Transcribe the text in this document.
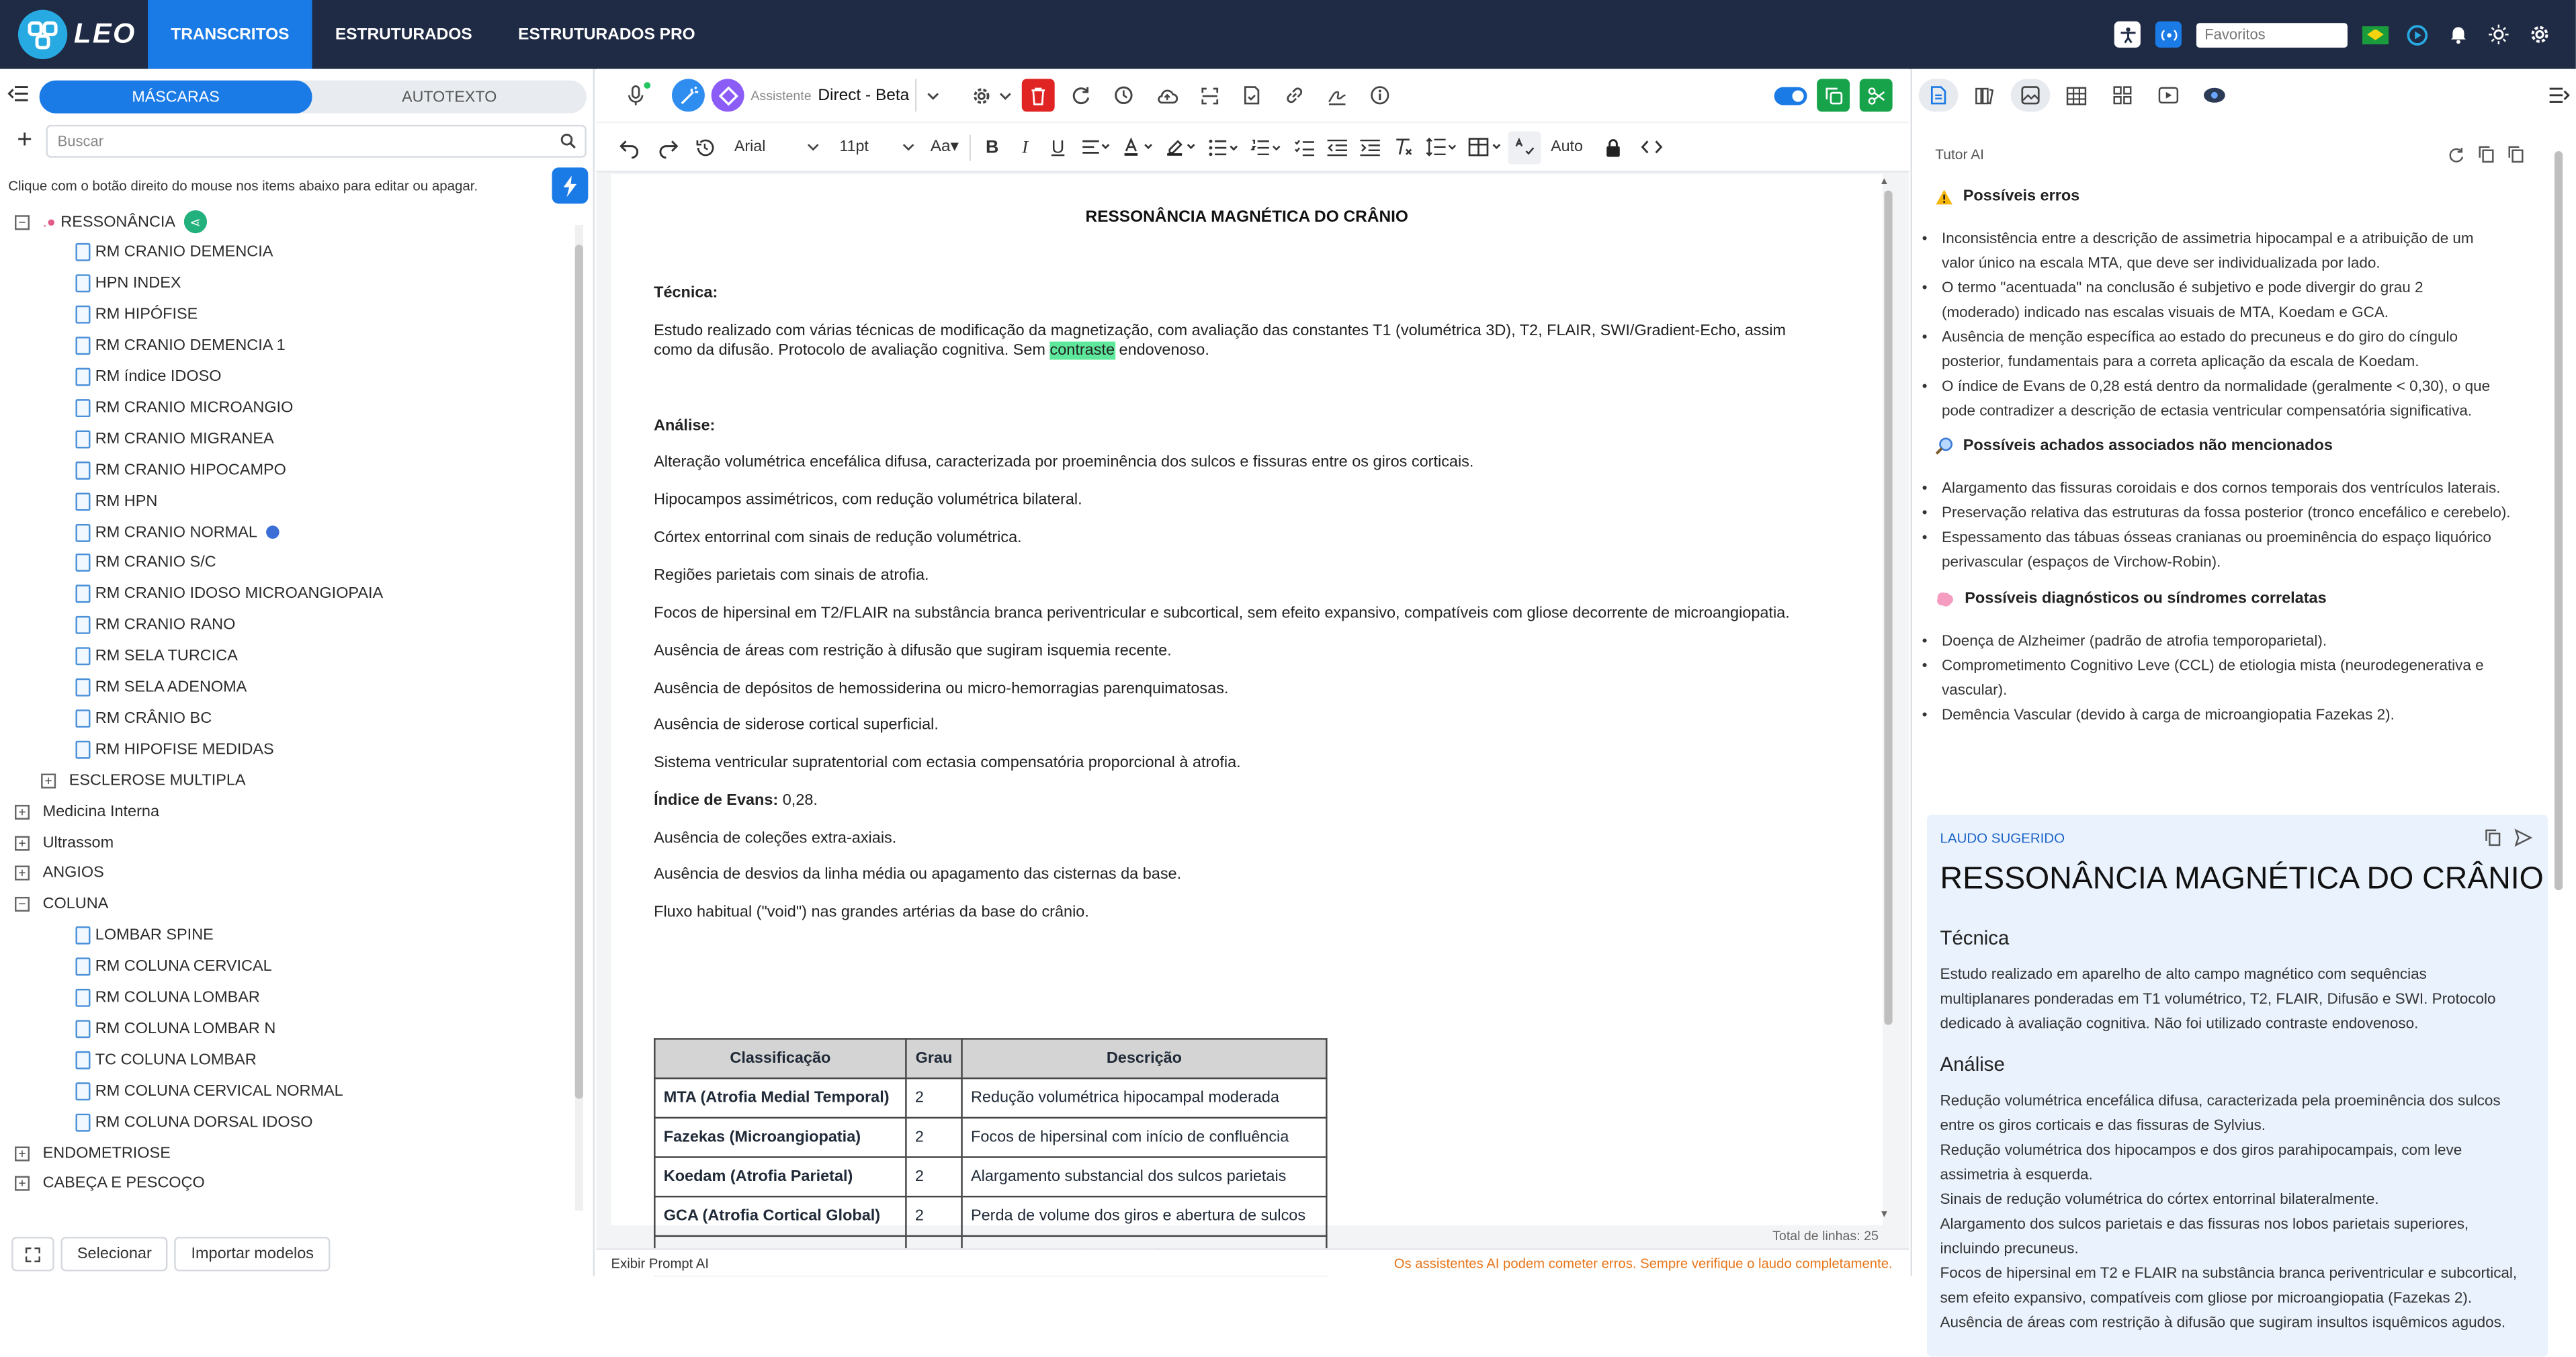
LEO	TRANSCRITOS	ESTRUTURADOS	ESTRUTURADOS PRO
Favoritos
MÁSCARAS	AUTOTEXTO
+	Buscar
Clique com o botão direito do mouse nos items abaixo para editar ou apagar.
−	.● RESSONÂNCIA	⋖
RM CRANIO DEMENCIA
HPN INDEX
RM HIPÓFISE
RM CRANIO DEMENCIA 1
RM índice IDOSO
RM CRANIO MICROANGIO
RM CRANIO MIGRANEA
RM CRANIO HIPOCAMPO
RM HPN
RM CRANIO NORMAL
RM CRANIO S/C
RM CRANIO IDOSO MICROANGIOPAIA
RM CRANIO RANO
RM SELA TURCICA
RM SELA ADENOMA
RM CRÂNIO BC
RM HIPOFISE MEDIDAS
+	ESCLEROSE MULTIPLA
+	Medicina Interna
+	Ultrassom
+	ANGIOS
−	COLUNA
LOMBAR SPINE
RM COLUNA CERVICAL
RM COLUNA LOMBAR
RM COLUNA LOMBAR N
TC COLUNA LOMBAR
RM COLUNA CERVICAL NORMAL
RM COLUNA DORSAL IDOSO
+	ENDOMETRIOSE
+	CABEÇA E PESCOÇO
Selecionar	Importar modelos
Assistente Direct - Beta
Arial	11pt	Aa▾	B	I	U	Auto
RESSONÂNCIA MAGNÉTICA DO CRÂNIO
Técnica:
Estudo realizado com várias técnicas de modificação da magnetização, com avaliação das constantes T1 (volumétrica 3D), T2, FLAIR, SWI/Gradient-Echo, assim
como da difusão. Protocolo de avaliação cognitiva. Sem contraste endovenoso.
Análise:
Alteração volumétrica encefálica difusa, caracterizada por proeminência dos sulcos e fissuras entre os giros corticais.
Hipocampos assimétricos, com redução volumétrica bilateral.
Córtex entorrinal com sinais de redução volumétrica.
Regiões parietais com sinais de atrofia.
Focos de hipersinal em T2/FLAIR na substância branca periventricular e subcortical, sem efeito expansivo, compatíveis com gliose decorrente de microangiopatia.
Ausência de áreas com restrição à difusão que sugiram isquemia recente.
Ausência de depósitos de hemossiderina ou micro-hemorragias parenquimatosas.
Ausência de siderose cortical superficial.
Sistema ventricular supratentorial com ectasia compensatória proporcional à atrofia.
Índice de Evans: 0,28.
Ausência de coleções extra-axiais.
Ausência de desvios da linha média ou apagamento das cisternas da base.
Fluxo habitual ("void") nas grandes artérias da base do crânio.
Classificação	Grau	Descrição
MTA (Atrofia Medial Temporal)	2	Redução volumétrica hipocampal moderada
Fazekas (Microangiopatia)	2	Focos de hipersinal com início de confluência
Koedam (Atrofia Parietal)	2	Alargamento substancial dos sulcos parietais
GCA (Atrofia Cortical Global)	2	Perda de volume dos giros e abertura de sulcos

▲
▼
Total de linhas: 25
Exibir Prompt AI	Os assistentes AI podem cometer erros. Sempre verifique o laudo completamente.
Tutor AI
Possíveis erros
• Inconsistência entre a descrição de assimetria hipocampal e a atribuição de um
valor único na escala MTA, que deve ser individualizada por lado.
• O termo "acentuada" na conclusão é subjetivo e pode divergir do grau 2
(moderado) indicado nas escalas visuais de MTA, Koedam e GCA.
• Ausência de menção específica ao estado do precuneus e do giro do cíngulo
posterior, fundamentais para a correta aplicação da escala de Koedam.
• O índice de Evans de 0,28 está dentro da normalidade (geralmente < 0,30), o que
pode contradizer a descrição de ectasia ventricular compensatória significativa.
Possíveis achados associados não mencionados
• Alargamento das fissuras coroidais e dos cornos temporais dos ventrículos laterais.
• Preservação relativa das estruturas da fossa posterior (tronco encefálico e cerebelo).
• Espessamento das tábuas ósseas cranianas ou proeminência do espaço liquórico
perivascular (espaços de Virchow-Robin).
Possíveis diagnósticos ou síndromes correlatas
• Doença de Alzheimer (padrão de atrofia temporoparietal).
• Comprometimento Cognitivo Leve (CCL) de etiologia mista (neurodegenerativa e
vascular).
• Demência Vascular (devido à carga de microangiopatia Fazekas 2).
LAUDO SUGERIDO
RESSONÂNCIA MAGNÉTICA DO CRÂNIO
Técnica
Estudo realizado em aparelho de alto campo magnético com sequências
multiplanares ponderadas em T1 volumétrico, T2, FLAIR, Difusão e SWI. Protocolo
dedicado à avaliação cognitiva. Não foi utilizado contraste endovenoso.
Análise
Redução volumétrica encefálica difusa, caracterizada pela proeminência dos sulcos
entre os giros corticais e das fissuras de Sylvius.
Redução volumétrica dos hipocampos e dos giros parahipocampais, com leve
assimetria à esquerda.
Sinais de redução volumétrica do córtex entorrinal bilateralmente.
Alargamento dos sulcos parietais e das fissuras nos lobos parietais superiores,
incluindo precuneus.
Focos de hipersinal em T2 e FLAIR na substância branca periventricular e subcortical,
sem efeito expansivo, compatíveis com gliose por microangiopatia (Fazekas 2).
Ausência de áreas com restrição à difusão que sugiram insultos isquêmicos agudos.
